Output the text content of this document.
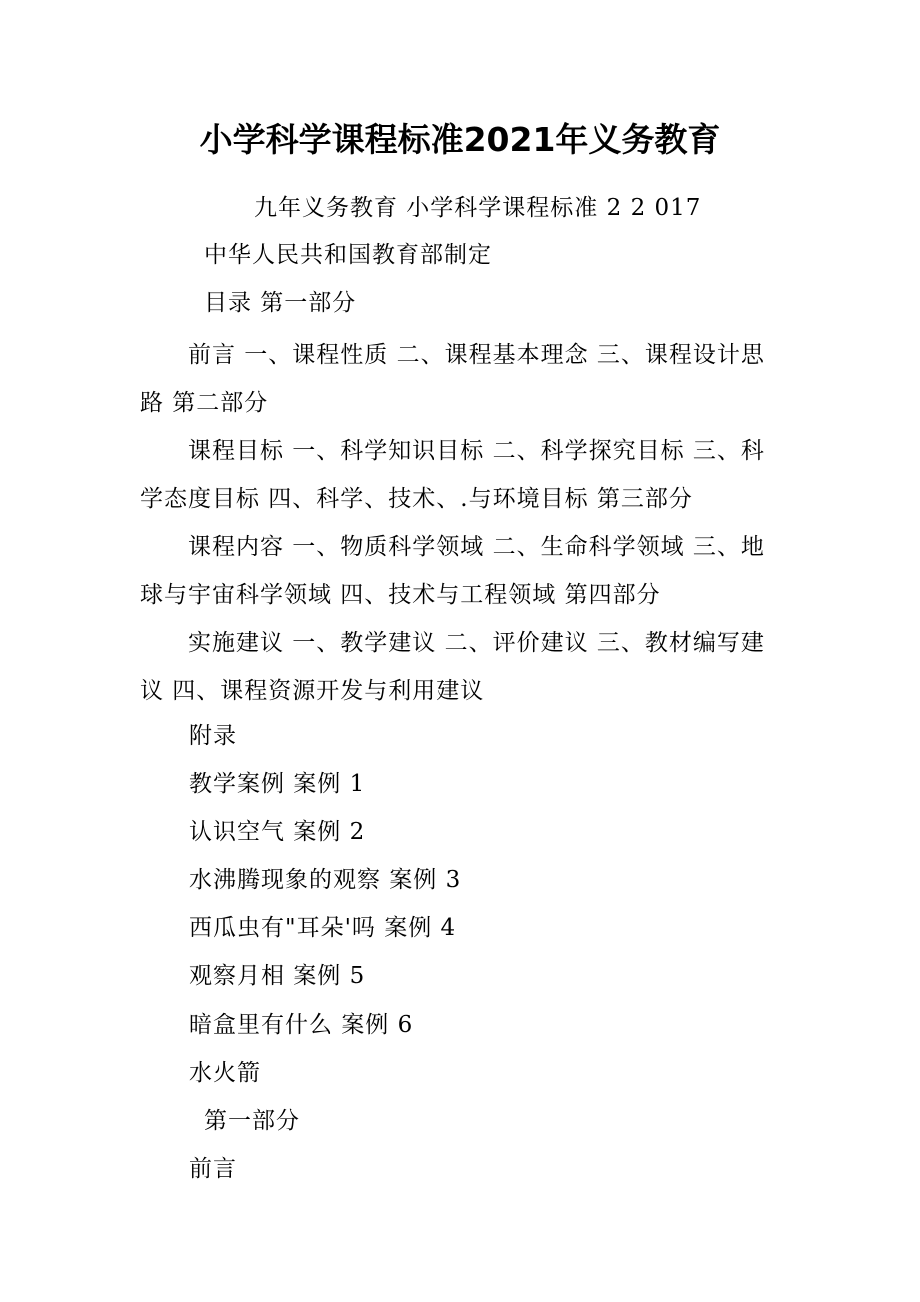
小学科学课程标准2021年义务教育
九年义务教育 小学科学课程标准 2 2 017
中华人民共和国教育部制定
目录 第一部分

前言 一、课程性质 二、课程基本理念 三、课程设计思路 第二部分

课程目标 一、科学知识目标 二、科学探究目标 三、科学态度目标 四、科学、技术、.与环境目标 第三部分

课程内容 一、物质科学领域 二、生命科学领域 三、地球与宇宙科学领域 四、技术与工程领域 第四部分

实施建议 一、教学建议 二、评价建议 三、教材编写建议 四、课程资源开发与利用建议

附录
教学案例 案例 1
认识空气 案例 2
水沸腾现象的观察 案例 3
西瓜虫有"耳朵'吗 案例 4
观察月相 案例 5
暗盒里有什么 案例 6
水火箭
第一部分
前言
